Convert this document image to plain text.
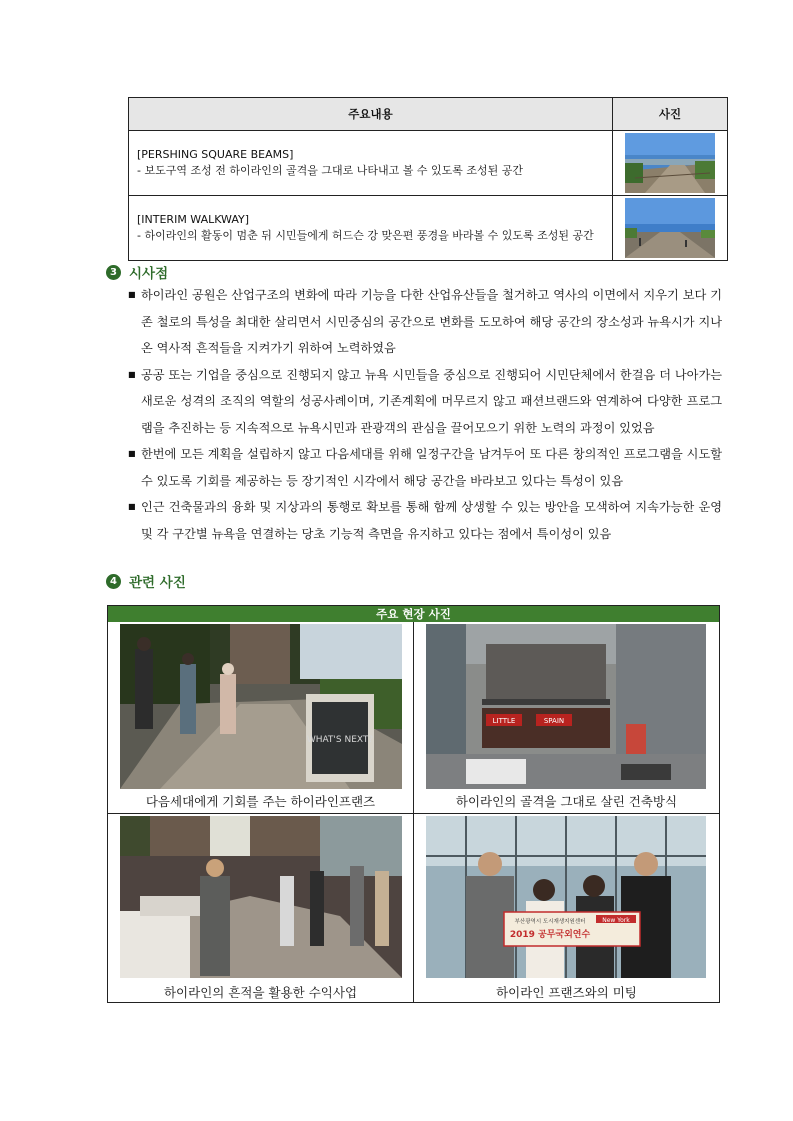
주요내용	사진

[PERSHING SQUARE BEAMS]
- 보도구역 조성 전 하이라인의 골격을 그대로 나타내고 볼 수 있도록 조성된 공간

[INTERIM WALKWAY]
- 하이라인의 활동이 멈춘 뒤 시민들에게 허드슨 강 맞은편 풍경을 바라볼 수 있도록 조성된 공간

3 시사점
■ 하이라인 공원은 산업구조의 변화에 따라 기능을 다한 산업유산들을 철거하고 역사의 이면에서 지우기 보다 기존 철로의 특성을 최대한 살리면서 시민중심의 공간으로 변화를 도모하여 해당 공간의 장소성과 뉴욕시가 지나온 역사적 흔적들을 지켜가기 위하여 노력하였음
■ 공공 또는 기업을 중심으로 진행되지 않고 뉴욕 시민들을 중심으로 진행되어 시민단체에서 한걸음 더 나아가는 새로운 성격의 조직의 역할의 성공사례이며, 기존계획에 머무르지 않고 패션브랜드와 연계하여 다양한 프로그램을 추진하는 등 지속적으로 뉴욕시민과 관광객의 관심을 끌어모으기 위한 노력의 과정이 있었음
■ 한번에 모든 계획을 설립하지 않고 다음세대를 위해 일정구간을 남겨두어 또 다른 창의적인 프로그램을 시도할 수 있도록 기회를 제공하는 등 장기적인 시각에서 해당 공간을 바라보고 있다는 특성이 있음
■ 인근 건축물과의 융화 및 지상과의 통행로 확보를 통해 함께 상생할 수 있는 방안을 모색하여 지속가능한 운영 및 각 구간별 뉴욕을 연결하는 당초 기능적 측면을 유지하고 있다는 점에서 특이성이 있음
4 관련 사진
주요 현장 사진
WHAT'S NEXT?
다음세대에게 기회를 주는 하이라인프랜즈
LITTLE	SPAIN
하이라인의 골격을 그대로 살린 건축방식
하이라인의 흔적을 활용한 수익사업
New York
부산광역시 도시재생지원센터
2019 공무국외연수
하이라인 프랜즈와의 미팅
